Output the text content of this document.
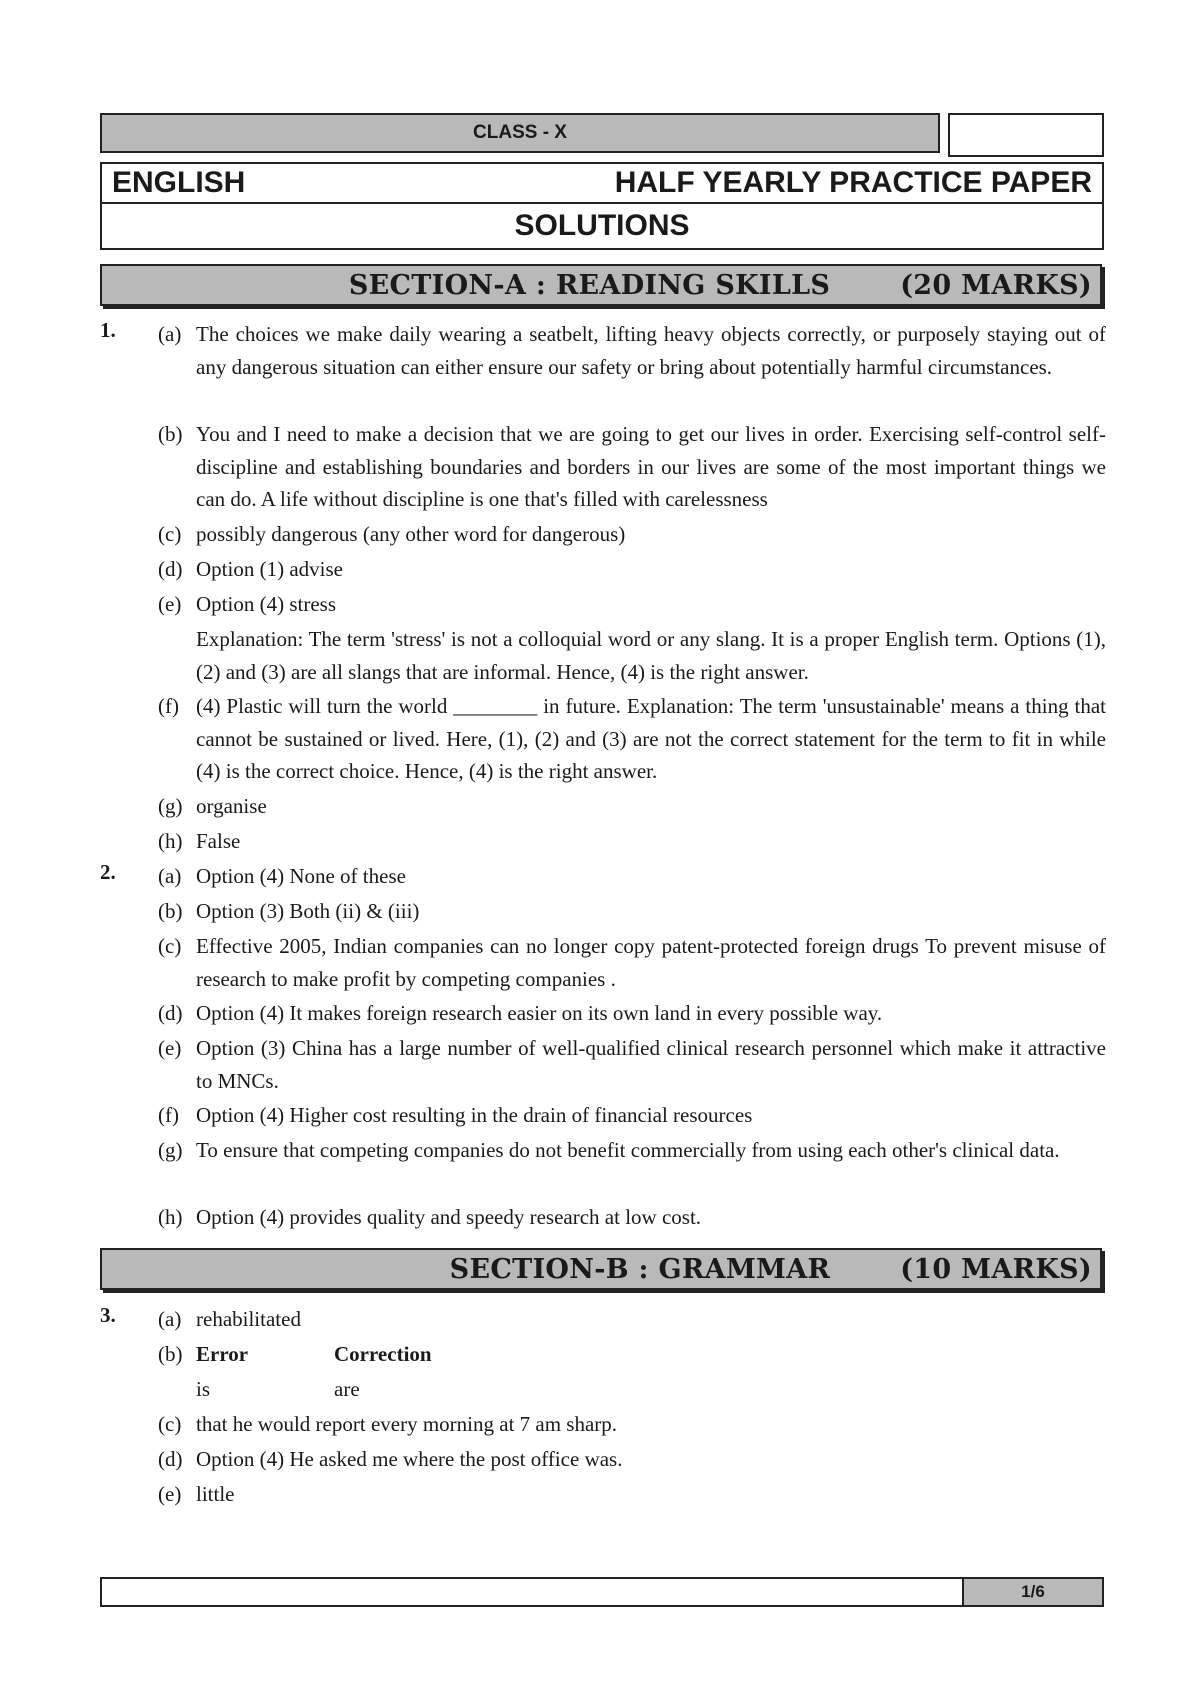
CLASS - X
ENGLISH	HALF YEARLY PRACTICE PAPER
SOLUTIONS
SECTION-A : READING SKILLS	(20 MARKS)
1. (a) The choices we make daily wearing a seatbelt, lifting heavy objects correctly, or purposely staying out of any dangerous situation can either ensure our safety or bring about potentially harmful circumstances.
(b) You and I need to make a decision that we are going to get our lives in order. Exercising self-control self-discipline and establishing boundaries and borders in our lives are some of the most important things we can do. A life without discipline is one that's filled with carelessness
(c) possibly dangerous (any other word for dangerous)
(d) Option (1) advise
(e) Option (4) stress
Explanation: The term 'stress' is not a colloquial word or any slang. It is a proper English term. Options (1), (2) and (3) are all slangs that are informal. Hence, (4) is the right answer.
(f) (4) Plastic will turn the world ________ in future. Explanation: The term 'unsustainable' means a thing that cannot be sustained or lived. Here, (1), (2) and (3) are not the correct statement for the term to fit in while (4) is the correct choice. Hence, (4) is the right answer.
(g) organise
(h) False
2. (a) Option (4) None of these
(b) Option (3) Both (ii) & (iii)
(c) Effective 2005, Indian companies can no longer copy patent-protected foreign drugs To prevent misuse of research to make profit by competing companies .
(d) Option (4) It makes foreign research easier on its own land in every possible way.
(e) Option (3) China has a large number of well-qualified clinical research personnel which make it attractive to MNCs.
(f) Option (4) Higher cost resulting in the drain of financial resources
(g) To ensure that competing companies do not benefit commercially from using each other's clinical data.
(h) Option (4) provides quality and speedy research at low cost.
SECTION-B : GRAMMAR	(10 MARKS)
3. (a) rehabilitated
(b) Error	Correction
is	are
(c) that he would report every morning at 7 am sharp.
(d) Option (4) He asked me where the post office was.
(e) little
1/6
